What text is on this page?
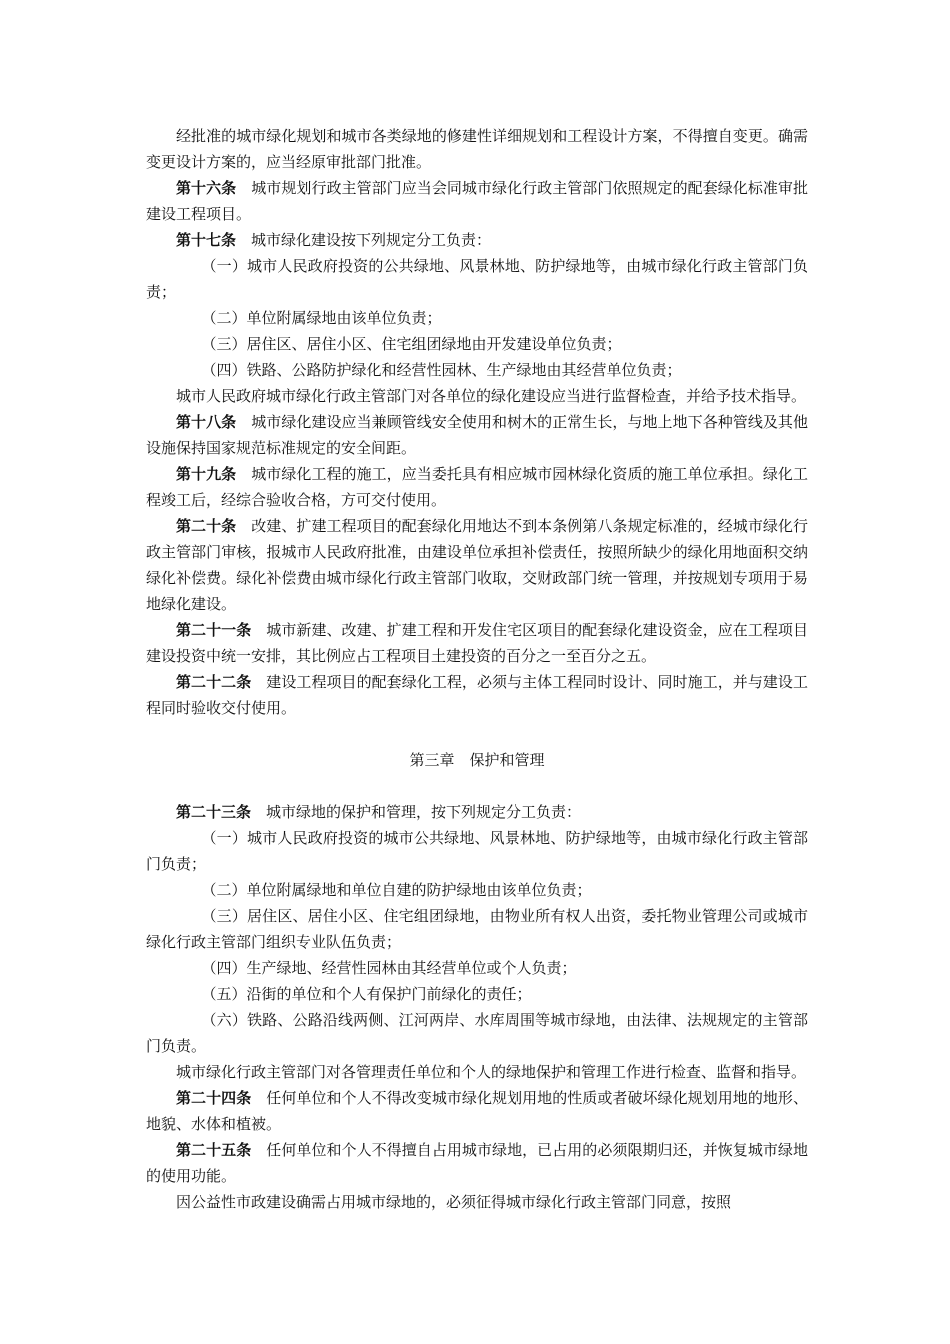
经批准的城市绿化规划和城市各类绿地的修建性详细规划和工程设计方案，不得擅自变更。确需变更设计方案的，应当经原审批部门批准。

第十六条 城市规划行政主管部门应当会同城市绿化行政主管部门依照规定的配套绿化标准审批建设工程项目。

第十七条 城市绿化建设按下列规定分工负责：

（一）城市人民政府投资的公共绿地、风景林地、防护绿地等，由城市绿化行政主管部门负责；

（二）单位附属绿地由该单位负责；

（三）居住区、居住小区、住宅组团绿地由开发建设单位负责；

（四）铁路、公路防护绿化和经营性园林、生产绿地由其经营单位负责；

城市人民政府城市绿化行政主管部门对各单位的绿化建设应当进行监督检查，并给予技术指导。

第十八条 城市绿化建设应当兼顾管线安全使用和树木的正常生长，与地上地下各种管线及其他设施保持国家规范标准规定的安全间距。

第十九条 城市绿化工程的施工，应当委托具有相应城市园林绿化资质的施工单位承担。绿化工程竣工后，经综合验收合格，方可交付使用。

第二十条 改建、扩建工程项目的配套绿化用地达不到本条例第八条规定标准的，经城市绿化行政主管部门审核，报城市人民政府批准，由建设单位承担补偿责任，按照所缺少的绿化用地面积交纳绿化补偿费。绿化补偿费由城市绿化行政主管部门收取，交财政部门统一管理，并按规划专项用于易地绿化建设。

第二十一条 城市新建、改建、扩建工程和开发住宅区项目的配套绿化建设资金，应在工程项目建设投资中统一安排，其比例应占工程项目土建投资的百分之一至百分之五。

第二十二条 建设工程项目的配套绿化工程，必须与主体工程同时设计、同时施工，并与建设工程同时验收交付使用。

第三章　保护和管理

第二十三条 城市绿地的保护和管理，按下列规定分工负责：

（一）城市人民政府投资的城市公共绿地、风景林地、防护绿地等，由城市绿化行政主管部门负责；

（二）单位附属绿地和单位自建的防护绿地由该单位负责；

（三）居住区、居住小区、住宅组团绿地，由物业所有权人出资，委托物业管理公司或城市绿化行政主管部门组织专业队伍负责；

（四）生产绿地、经营性园林由其经营单位或个人负责；

（五）沿街的单位和个人有保护门前绿化的责任；

（六）铁路、公路沿线两侧、江河两岸、水库周围等城市绿地，由法律、法规规定的主管部门负责。

城市绿化行政主管部门对各管理责任单位和个人的绿地保护和管理工作进行检查、监督和指导。

第二十四条 任何单位和个人不得改变城市绿化规划用地的性质或者破坏绿化规划用地的地形、地貌、水体和植被。

第二十五条 任何单位和个人不得擅自占用城市绿地，已占用的必须限期归还，并恢复城市绿地的使用功能。

因公益性市政建设确需占用城市绿地的，必须征得城市绿化行政主管部门同意，按照
